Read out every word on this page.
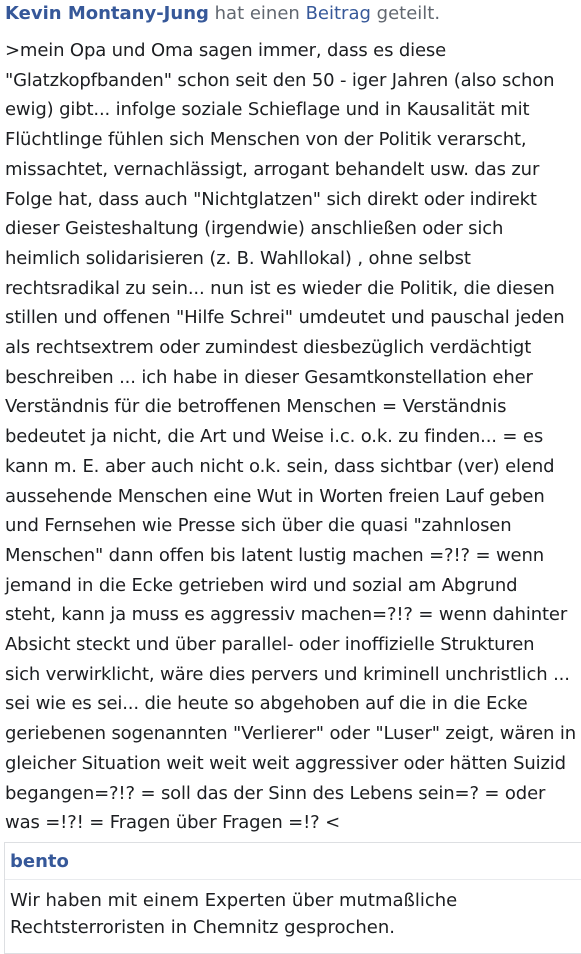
Kevin Montany-Jung hat einen Beitrag geteilt.
>mein Opa und Oma sagen immer, dass es diese
"Glatzkopfbanden" schon seit den 50 - iger Jahren (also schon
ewig) gibt... infolge soziale Schieflage und in Kausalität mit
Flüchtlinge fühlen sich Menschen von der Politik verarscht,
missachtet, vernachlässigt, arrogant behandelt usw. das zur
Folge hat, dass auch "Nichtglatzen" sich direkt oder indirekt
dieser Geisteshaltung (irgendwie) anschließen oder sich
heimlich solidarisieren (z. B. Wahllokal) , ohne selbst
rechtsradikal zu sein... nun ist es wieder die Politik, die diesen
stillen und offenen "Hilfe Schrei" umdeutet und pauschal jeden
als rechtsextrem oder zumindest diesbezüglich verdächtigt
beschreiben ... ich habe in dieser Gesamtkonstellation eher
Verständnis für die betroffenen Menschen = Verständnis
bedeutet ja nicht, die Art und Weise i.c. o.k. zu finden... = es
kann m. E. aber auch nicht o.k. sein, dass sichtbar (ver) elend
aussehende Menschen eine Wut in Worten freien Lauf geben
und Fernsehen wie Presse sich über die quasi "zahnlosen
Menschen" dann offen bis latent lustig machen =?!? = wenn
jemand in die Ecke getrieben wird und sozial am Abgrund
steht, kann ja muss es aggressiv machen=?!? = wenn dahinter
Absicht steckt und über parallel- oder inoffizielle Strukturen
sich verwirklicht, wäre dies pervers und kriminell unchristlich ...
sei wie es sei... die heute so abgehoben auf die in die Ecke
geriebenen sogenannten "Verlierer" oder "Luser" zeigt, wären in
gleicher Situation weit weit weit aggressiver oder hätten Suizid
begangen=?!? = soll das der Sinn des Lebens sein=? = oder
was =!?! = Fragen über Fragen =!? <
bento
Wir haben mit einem Experten über mutmaßliche
Rechtsterroristen in Chemnitz gesprochen.
